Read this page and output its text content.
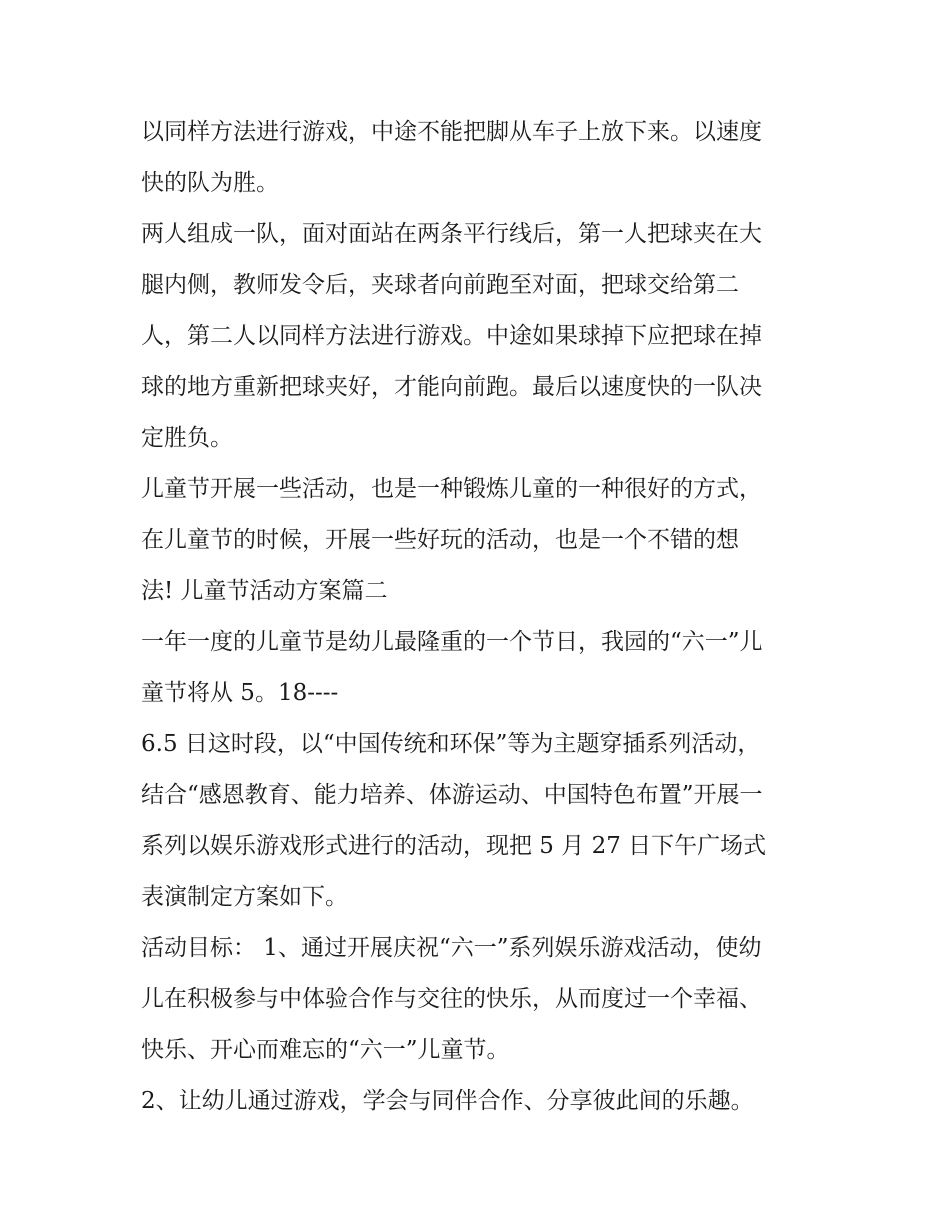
以同样方法进行游戏，中途不能把脚从车子上放下来。以速度
快的队为胜。
两人组成一队，面对面站在两条平行线后，第一人把球夹在大
腿内侧，教师发令后，夹球者向前跑至对面，把球交给第二
人，第二人以同样方法进行游戏。中途如果球掉下应把球在掉
球的地方重新把球夹好，才能向前跑。最后以速度快的一队决
定胜负。
儿童节开展一些活动，也是一种锻炼儿童的一种很好的方式，
在儿童节的时候，开展一些好玩的活动，也是一个不错的想
法! 儿童节活动方案篇二
一年一度的儿童节是幼儿最隆重的一个节日，我园的“六一”儿
童节将从 5。18----
6.5 日这时段，以“中国传统和环保”等为主题穿插系列活动，
结合“感恩教育、能力培养、体游运动、中国特色布置”开展一
系列以娱乐游戏形式进行的活动，现把 5 月 27 日下午广场式
表演制定方案如下。
活动目标： 1、通过开展庆祝“六一”系列娱乐游戏活动，使幼
儿在积极参与中体验合作与交往的快乐，从而度过一个幸福、
快乐、开心而难忘的“六一”儿童节。
2、让幼儿通过游戏，学会与同伴合作、分享彼此间的乐趣。
